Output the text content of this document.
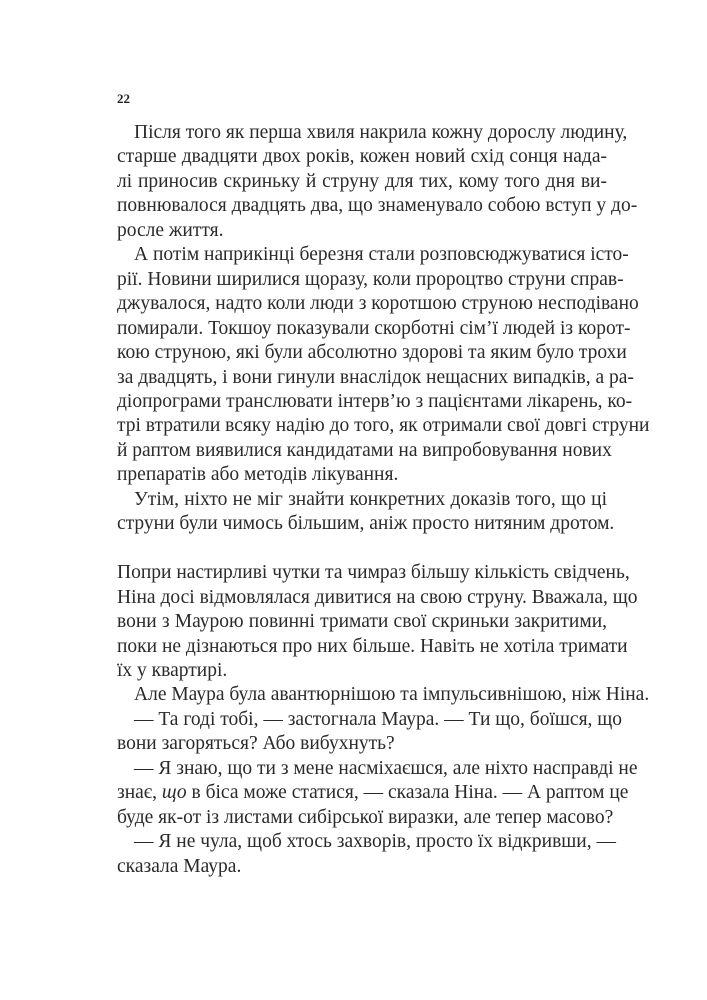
22
Після того як перша хвиля накрила кожну дорослу людину,
старше двадцяти двох років, кожен новий схід сонця нада-
лі приносив скриньку й струну для тих, кому того дня ви-
повнювалося двадцять два, що знаменувало собою вступ у до-
росле життя.
А потім наприкінці березня стали розповсюджуватися істо-
рії. Новини ширилися щоразу, коли пророцтво струни справ-
джувалося, надто коли люди з коротшою струною несподівано
помирали. Токшоу показували скорботні сім’ї людей із корот-
кою струною, які були абсолютно здорові та яким було трохи
за двадцять, і вони гинули внаслідок нещасних випадків, а ра-
діопрограми транслювати інтерв’ю з пацієнтами лікарень, ко-
трі втратили всяку надію до того, як отримали свої довгі струни
й раптом виявилися кандидатами на випробовування нових
препаратів або методів лікування.
Утім, ніхто не міг знайти конкретних доказів того, що ці
струни були чимось більшим, аніж просто нитяним дротом.
Попри настирливі чутки та чимраз більшу кількість свідчень,
Ніна досі відмовлялася дивитися на свою струну. Вважала, що
вони з Маурою повинні тримати свої скриньки закритими,
поки не дізнаються про них більше. Навіть не хотіла тримати
їх у квартирі.
Але Маура була авантюрнішою та імпульсивнішою, ніж Ніна.
— Та годі тобі, — застогнала Маура. — Ти що, боїшся, що
вони загоряться? Або вибухнуть?
— Я знаю, що ти з мене насміхаєшся, але ніхто насправді не
знає, що в біса може статися, — сказала Ніна. — А раптом це
буде як-от із листами сибірської виразки, але тепер масово?
— Я не чула, щоб хтось захворів, просто їх відкривши, —
сказала Маура.
